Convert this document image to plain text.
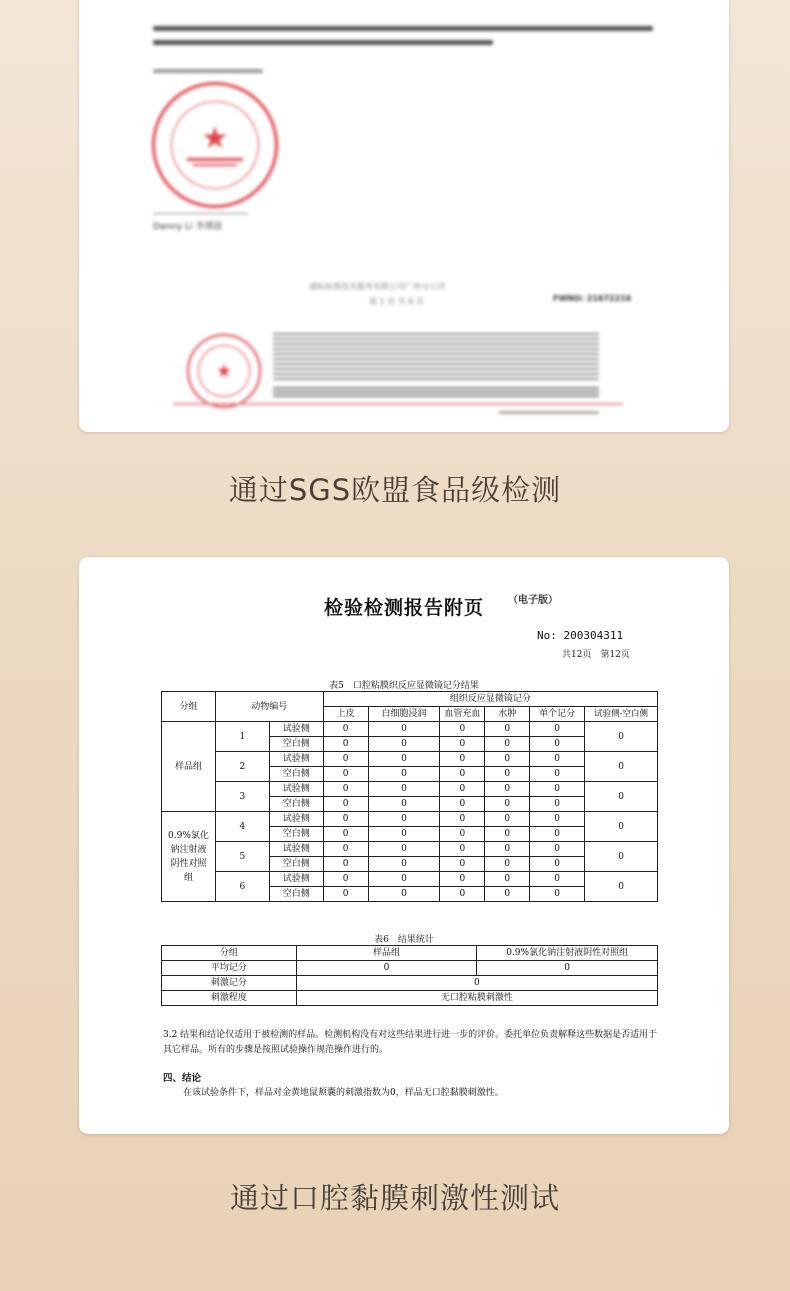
★
Danny Li 李潭波
通标标准技术服务有限公司广州分公司
第 1 页 共 6 页	FWNO: 21672216
★
通过SGS欧盟食品级检测
检验检测报告附页	（电子版）
No: 200304311
共12页　第12页
表5　口腔粘膜织反应显微镜记分结果
分组	动物编号		组织反应显微镜记分					
			上皮	白细胞浸润	血管充血	水肿	单个记分	试验侧-空白侧
样品组	1	试验侧	0	0	0	0	0	0
		空白侧	0	0	0	0	0	
	2	试验侧	0	0	0	0	0	0
		空白侧	0	0	0	0	0	
	3	试验侧	0	0	0	0	0	0
		空白侧	0	0	0	0	0	
0.9%氯化钠注射液阴性对照组	4	试验侧	0	0	0	0	0	0
		空白侧	0	0	0	0	0	
	5	试验侧	0	0	0	0	0	0
		空白侧	0	0	0	0	0	
	6	试验侧	0	0	0	0	0	0
		空白侧	0	0	0	0	0	
表6　结果统计
分组	样品组	0.9%氯化钠注射液阴性对照组
平均记分	0	0
刺激记分	0	
刺激程度	无口腔粘膜刺激性	
3.2 结果和结论仅适用于被检测的样品。检测机构没有对这些结果进行进一步的评价。委托单位负责解释这些数据是否适用于其它样品。所有的步骤是按照试验操作规范操作进行的。
四、结论
在该试验条件下，样品对金黄地鼠颊囊的刺激指数为0，样品无口腔黏膜刺激性。
通过口腔黏膜刺激性测试
